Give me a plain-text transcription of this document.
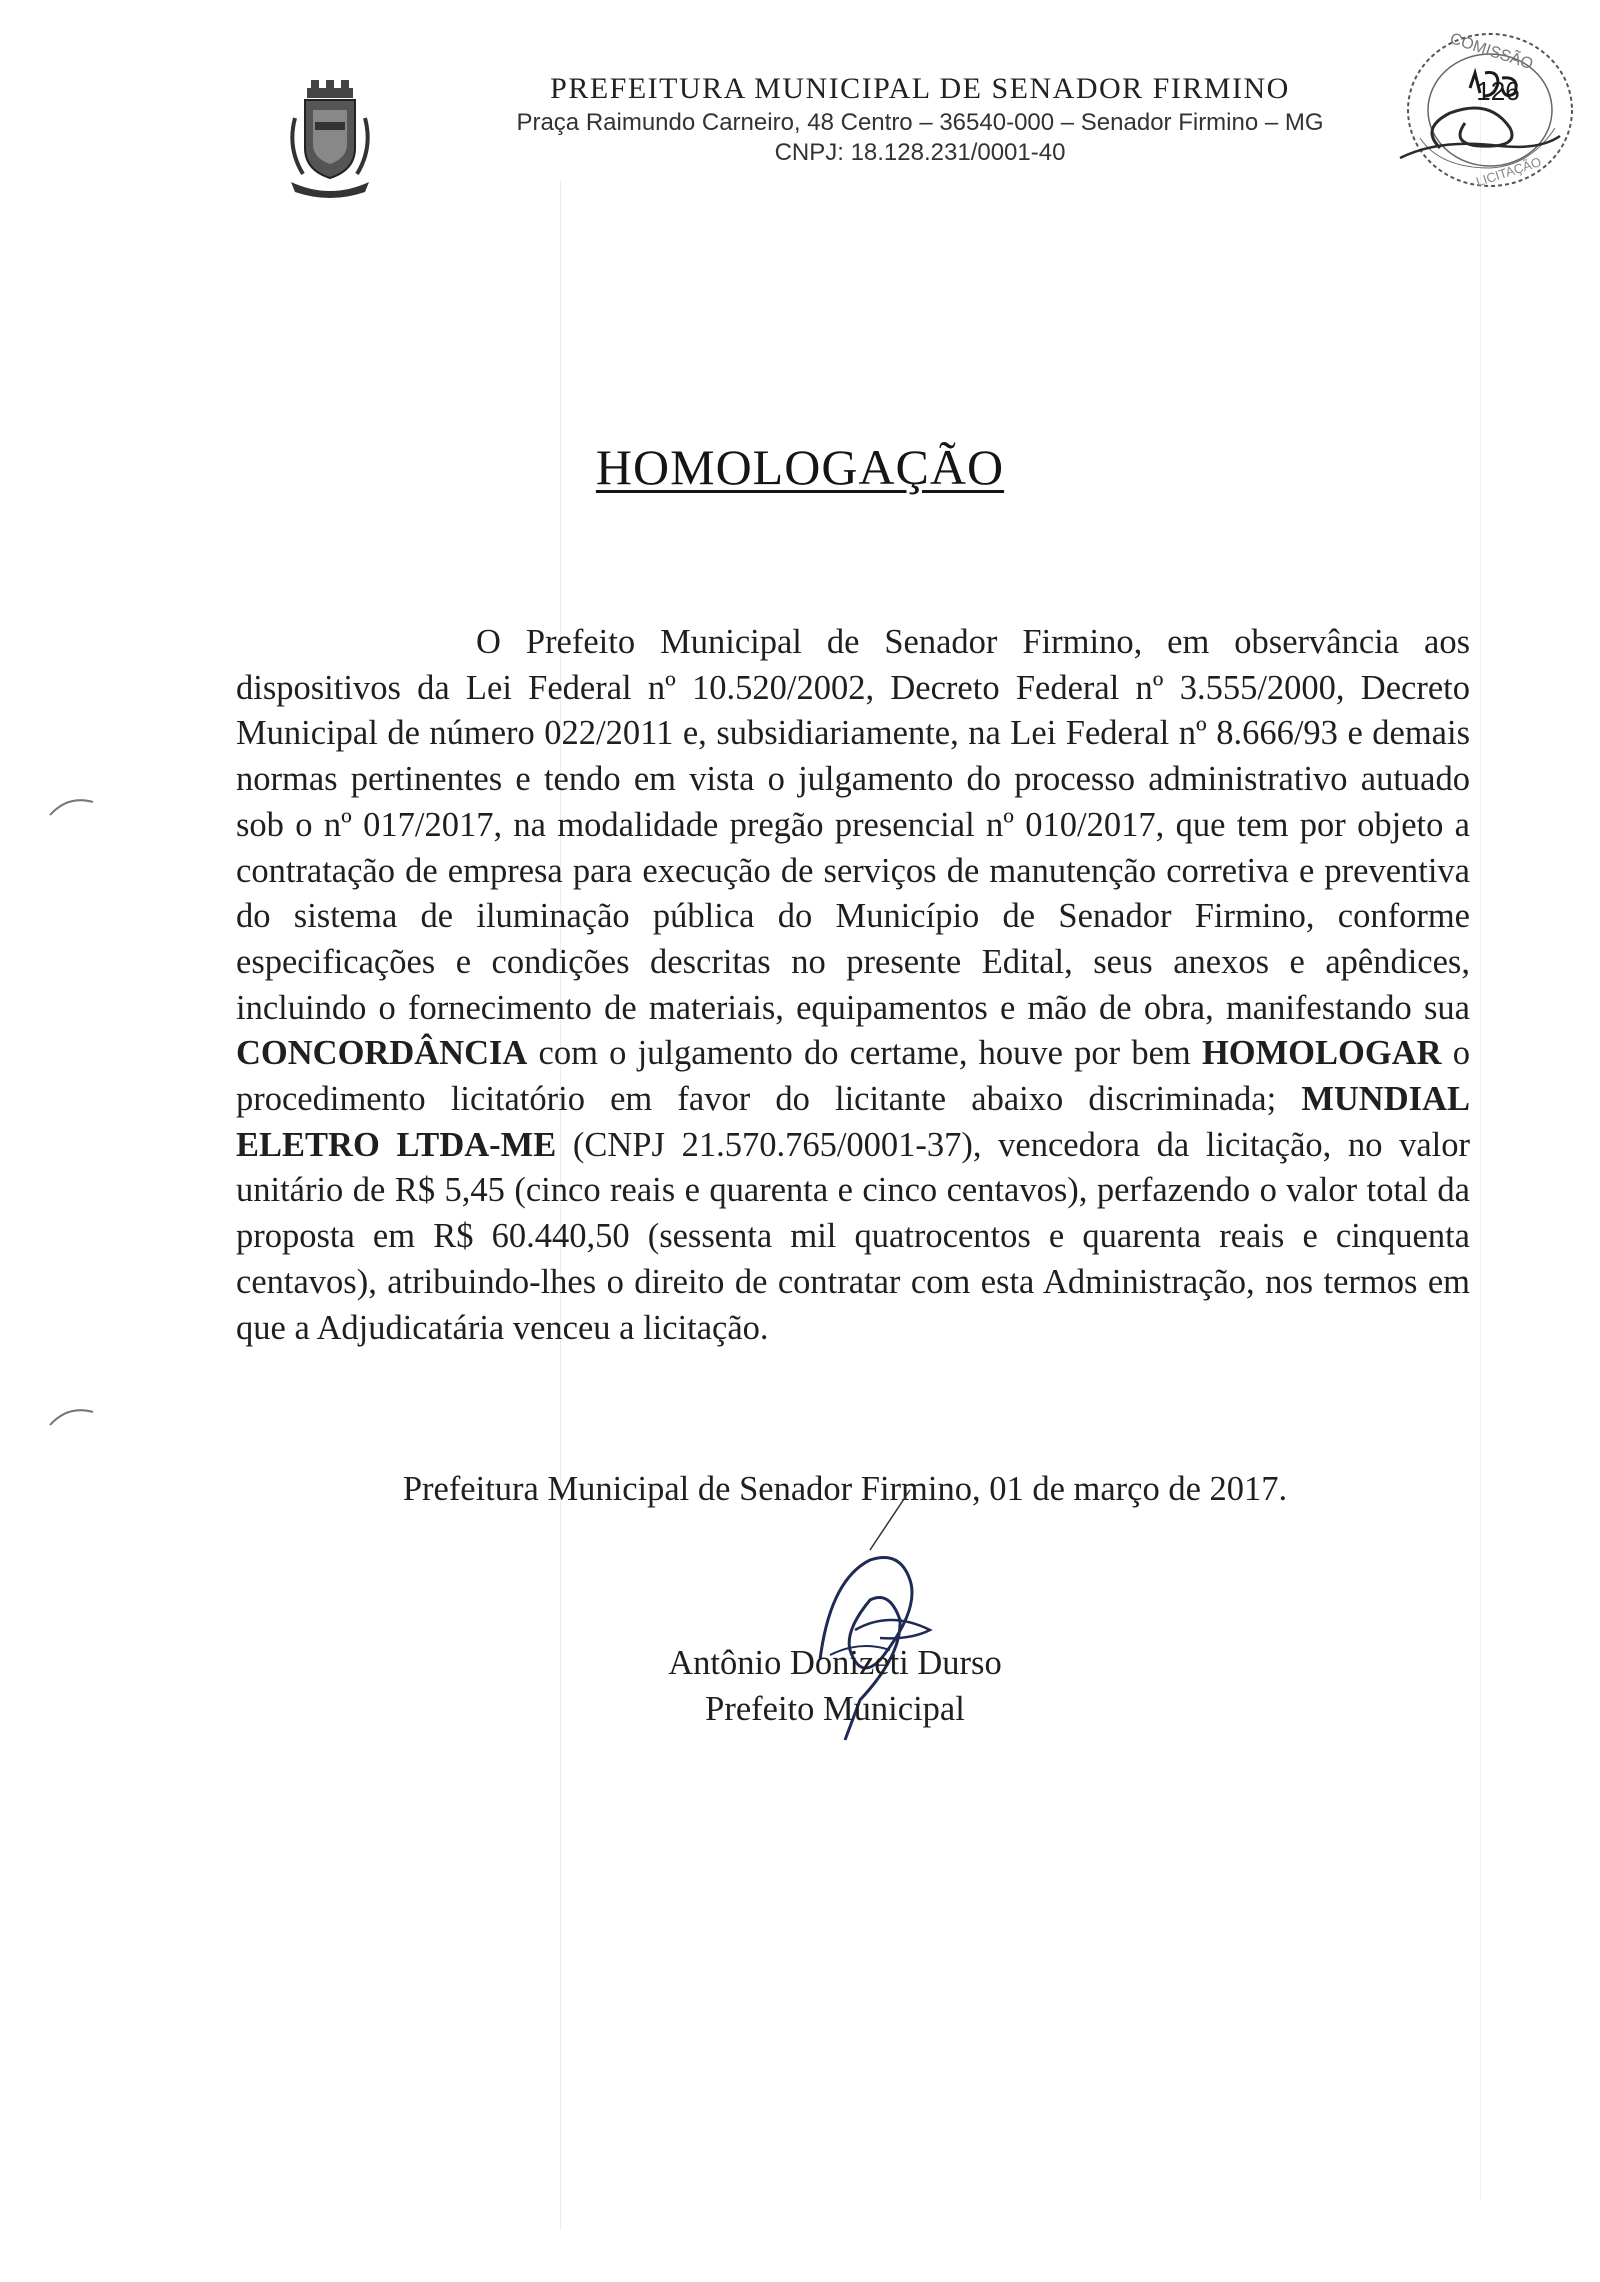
PREFEITURA MUNICIPAL DE SENADOR FIRMINO
Praça Raimundo Carneiro, 48 Centro – 36540-000 – Senador Firmino – MG
CNPJ: 18.128.231/0001-40
COMISSÃO
126
LICITAÇÃO
HOMOLOGAÇÃO

O Prefeito Municipal de Senador Firmino, em observância aos dispositivos da Lei Federal nº 10.520/2002, Decreto Federal nº 3.555/2000, Decreto Municipal de número 022/2011 e, subsidiariamente, na Lei Federal nº 8.666/93 e demais normas pertinentes e tendo em vista o julgamento do processo administrativo autuado sob o nº 017/2017, na modalidade pregão presencial nº 010/2017, que tem por objeto a contratação de empresa para execução de serviços de manutenção corretiva e preventiva do sistema de iluminação pública do Município de Senador Firmino, conforme especificações e condições descritas no presente Edital, seus anexos e apêndices, incluindo o fornecimento de materiais, equipamentos e mão de obra, manifestando sua CONCORDÂNCIA com o julgamento do certame, houve por bem HOMOLOGAR o procedimento licitatório em favor do licitante abaixo discriminada; MUNDIAL ELETRO LTDA-ME (CNPJ 21.570.765/0001-37), vencedora da licitação, no valor unitário de R$ 5,45 (cinco reais e quarenta e cinco centavos), perfazendo o valor total da proposta em R$ 60.440,50 (sessenta mil quatrocentos e quarenta reais e cinquenta centavos), atribuindo-lhes o direito de contratar com esta Administração, nos termos em que a Adjudicatária venceu a licitação.

Prefeitura Municipal de Senador Firmino, 01 de março de 2017.
Antônio Donizeti Durso
Prefeito Municipal
